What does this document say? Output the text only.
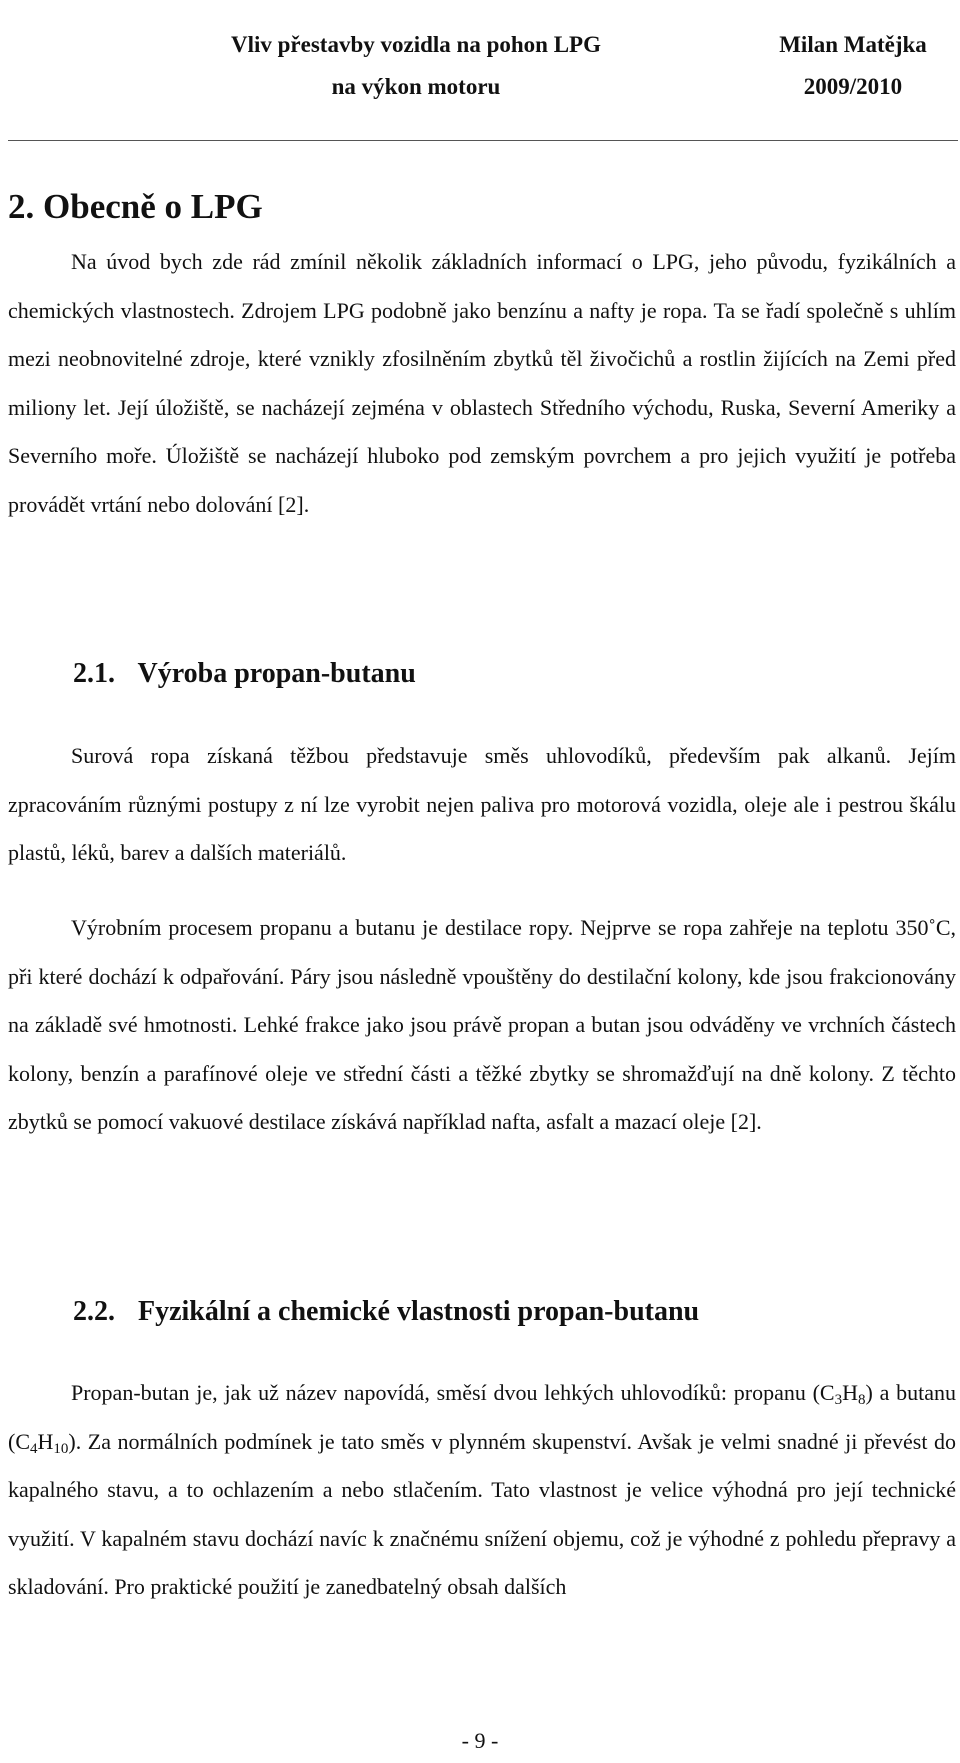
Vliv přestavby vozidla na pohon LPG
na výkon motoru
Milan Matějka
2009/2010
2. Obecně o LPG

Na úvod bych zde rád zmínil několik základních informací o LPG, jeho původu, fyzikálních a chemických vlastnostech. Zdrojem LPG podobně jako benzínu a nafty je ropa. Ta se řadí společně s uhlím mezi neobnovitelné zdroje, které vznikly zfosilněním zbytků těl živočichů a rostlin žijících na Zemi před miliony let. Její úložiště, se nacházejí zejména v oblastech Středního východu, Ruska, Severní Ameriky a Severního moře. Úložiště se nacházejí hluboko pod zemským povrchem a pro jejich využití je potřeba provádět vrtání nebo dolování [2].

2.1. Výroba propan-butanu

Surová ropa získaná těžbou představuje směs uhlovodíků, především pak alkanů. Jejím zpracováním různými postupy z ní lze vyrobit nejen paliva pro motorová vozidla, oleje ale i pestrou škálu plastů, léků, barev a dalších materiálů.

Výrobním procesem propanu a butanu je destilace ropy. Nejprve se ropa zahřeje na teplotu 350˚C, při které dochází k odpařování. Páry jsou následně vpouštěny do destilační kolony, kde jsou frakcionovány na základě své hmotnosti. Lehké frakce jako jsou právě propan a butan jsou odváděny ve vrchních částech kolony, benzín a parafínové oleje ve střední části a těžké zbytky se shromažďují na dně kolony. Z těchto zbytků se pomocí vakuové destilace získává například nafta, asfalt a mazací oleje [2].

2.2. Fyzikální a chemické vlastnosti propan-butanu

Propan-butan je, jak už název napovídá, směsí dvou lehkých uhlovodíků: propanu $(C_3H_8)$ a butanu $(C_4H_{10})$. Za normálních podmínek je tato směs v plynném skupenství. Avšak je velmi snadné ji převést do kapalného stavu, a to ochlazením a nebo stlačením. Tato vlastnost je velice výhodná pro její technické využití. V kapalném stavu dochází navíc k značnému snížení objemu, což je výhodné z pohledu přepravy a skladování. Pro praktické použití je zanedbatelný obsah dalších

- 9 -
